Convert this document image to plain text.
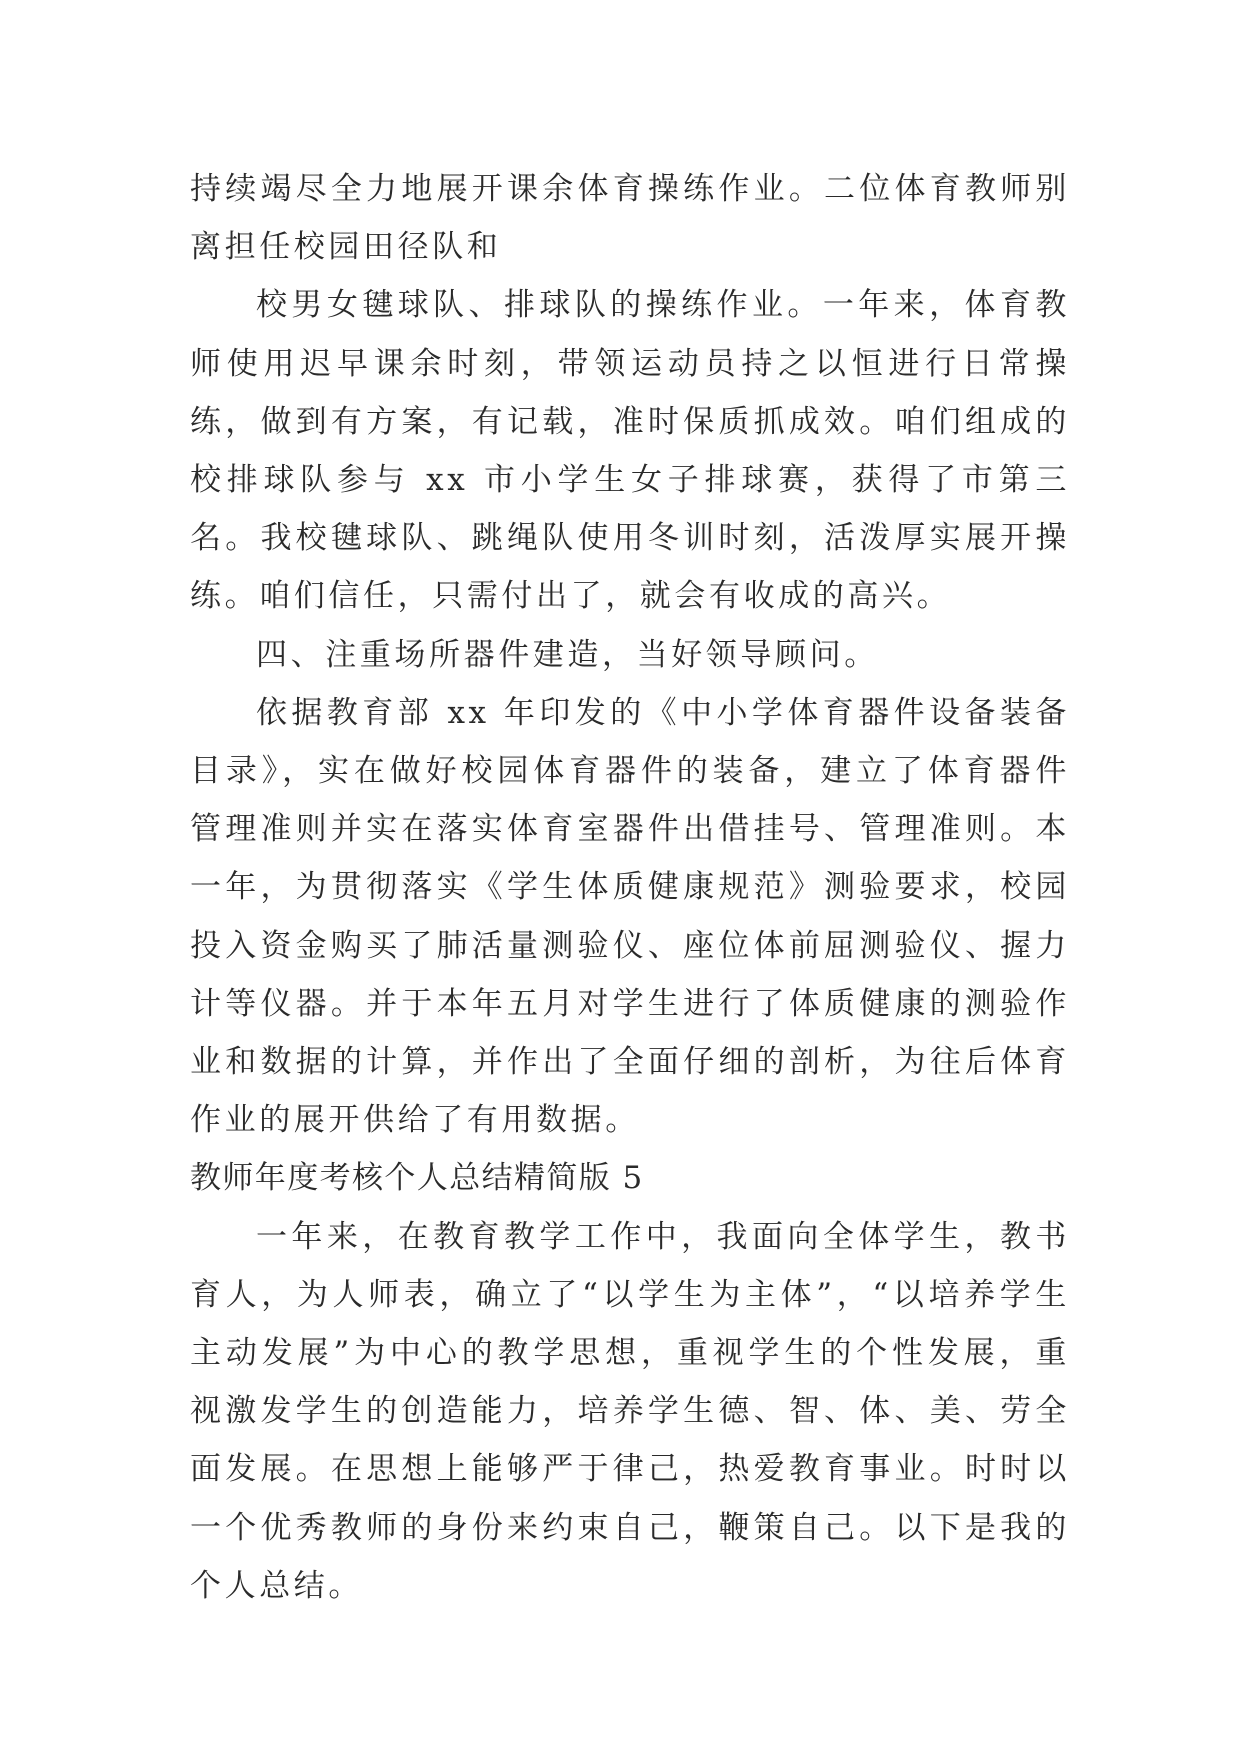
持续竭尽全力地展开课余体育操练作业。二位体育教师别离担任校园田径队和

校男女毽球队、排球队的操练作业。一年来，体育教师使用迟早课余时刻，带领运动员持之以恒进行日常操练，做到有方案，有记载，准时保质抓成效。咱们组成的校排球队参与 xx 市小学生女子排球赛，获得了市第三名。我校毽球队、跳绳队使用冬训时刻，活泼厚实展开操练。咱们信任，只需付出了，就会有收成的高兴。

四、注重场所器件建造，当好领导顾问。

依据教育部 xx 年印发的《中小学体育器件设备装备目录》，实在做好校园体育器件的装备，建立了体育器件管理准则并实在落实体育室器件出借挂号、管理准则。本一年，为贯彻落实《学生体质健康规范》测验要求，校园投入资金购买了肺活量测验仪、座位体前屈测验仪、握力计等仪器。并于本年五月对学生进行了体质健康的测验作业和数据的计算，并作出了全面仔细的剖析，为往后体育作业的展开供给了有用数据。

教师年度考核个人总结精简版 5

一年来，在教育教学工作中，我面向全体学生，教书育人，为人师表，确立了“以学生为主体”，“以培养学生主动发展”为中心的教学思想，重视学生的个性发展，重视激发学生的创造能力，培养学生德、智、体、美、劳全面发展。在思想上能够严于律己，热爱教育事业。时时以一个优秀教师的身份来约束自己，鞭策自己。以下是我的个人总结。
